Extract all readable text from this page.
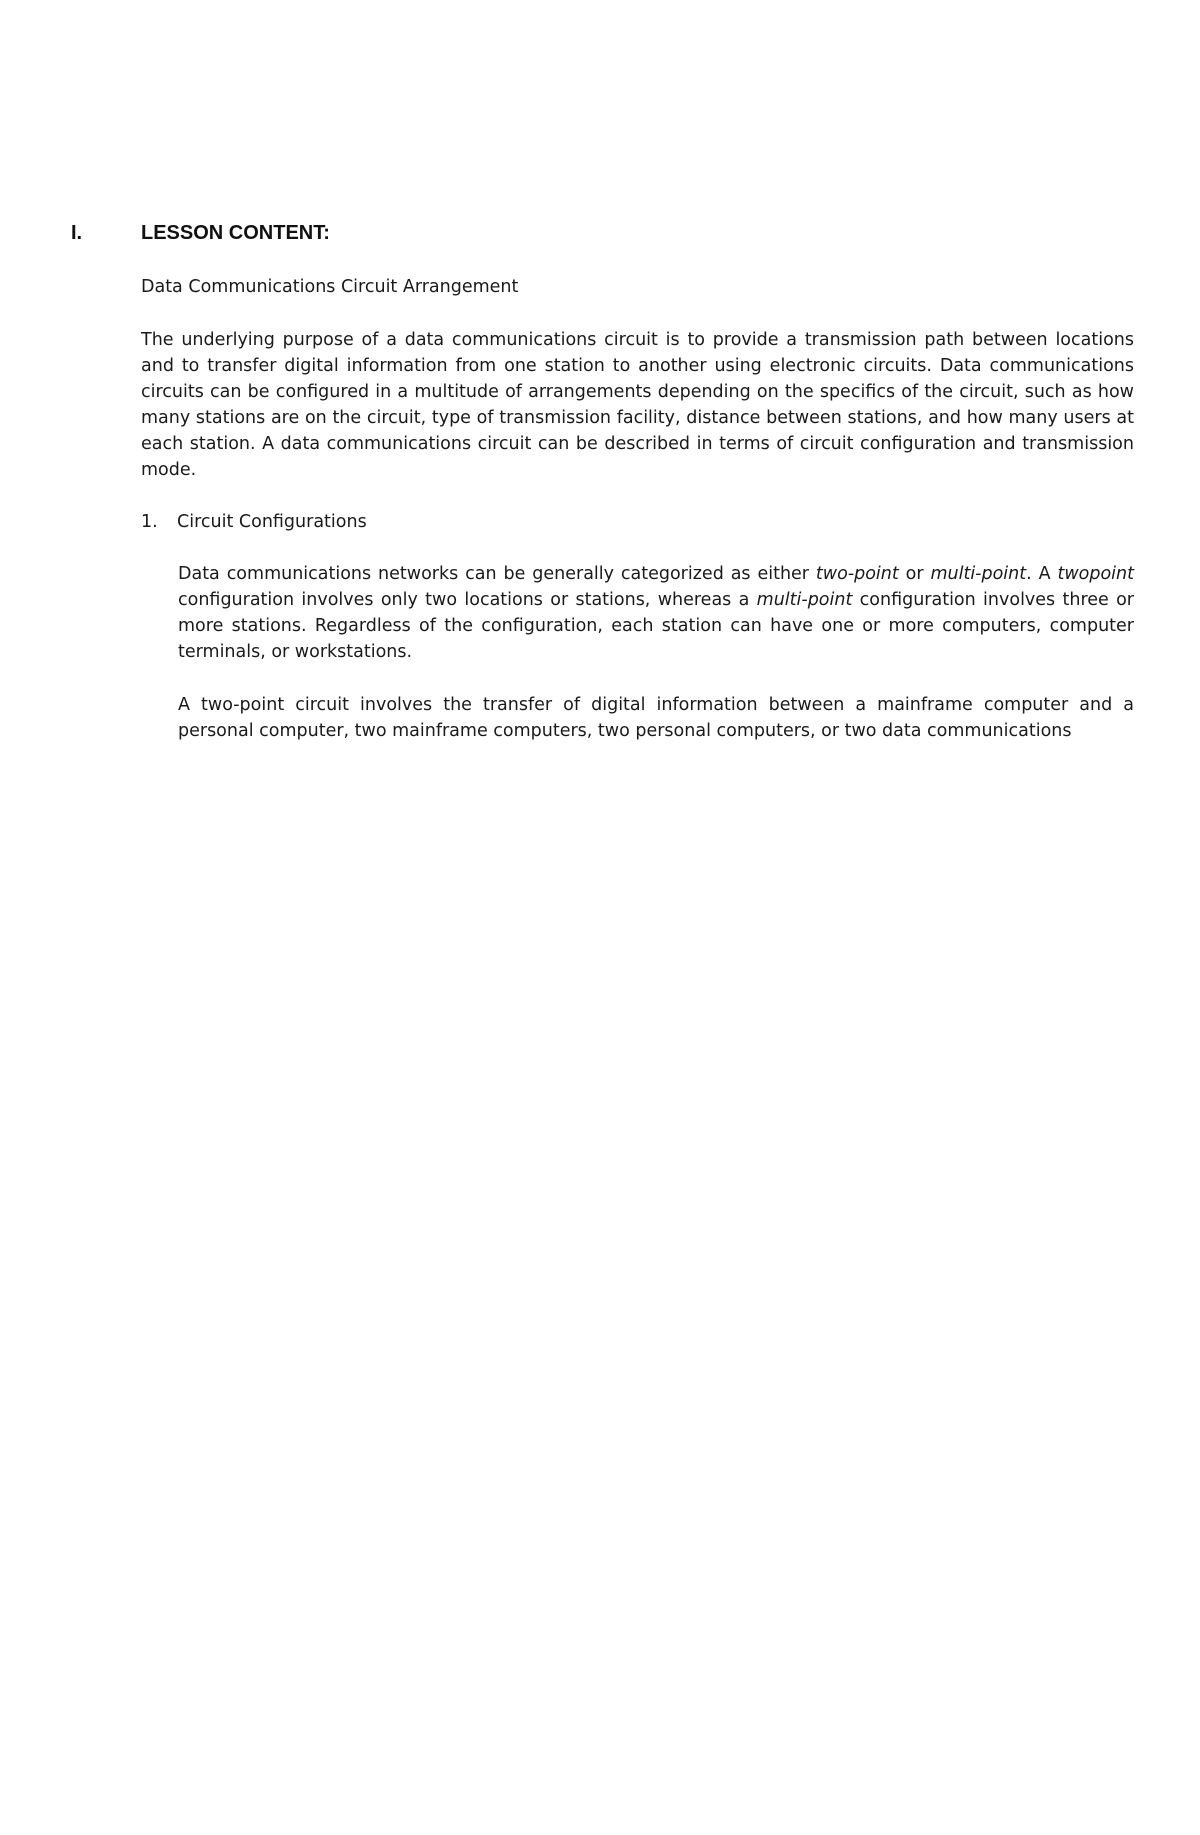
I.	LESSON CONTENT:
Data Communications Circuit Arrangement

The underlying purpose of a data communications circuit is to provide a transmission path between locations and to transfer digital information from one station to another using electronic circuits. Data communications circuits can be configured in a multitude of arrangements depending on the specifics of the circuit, such as how many stations are on the circuit, type of transmission facility, distance between stations, and how many users at each station. A data communications circuit can be described in terms of circuit configuration and transmission mode.

1. Circuit Configurations

Data communications networks can be generally categorized as either two-point or multi-point. A twopoint configuration involves only two locations or stations, whereas a multi-point configuration involves three or more stations. Regardless of the configuration, each station can have one or more computers, computer terminals, or workstations.

A two-point circuit involves the transfer of digital information between a mainframe computer and a personal computer, two mainframe computers, two personal computers, or two data communications
